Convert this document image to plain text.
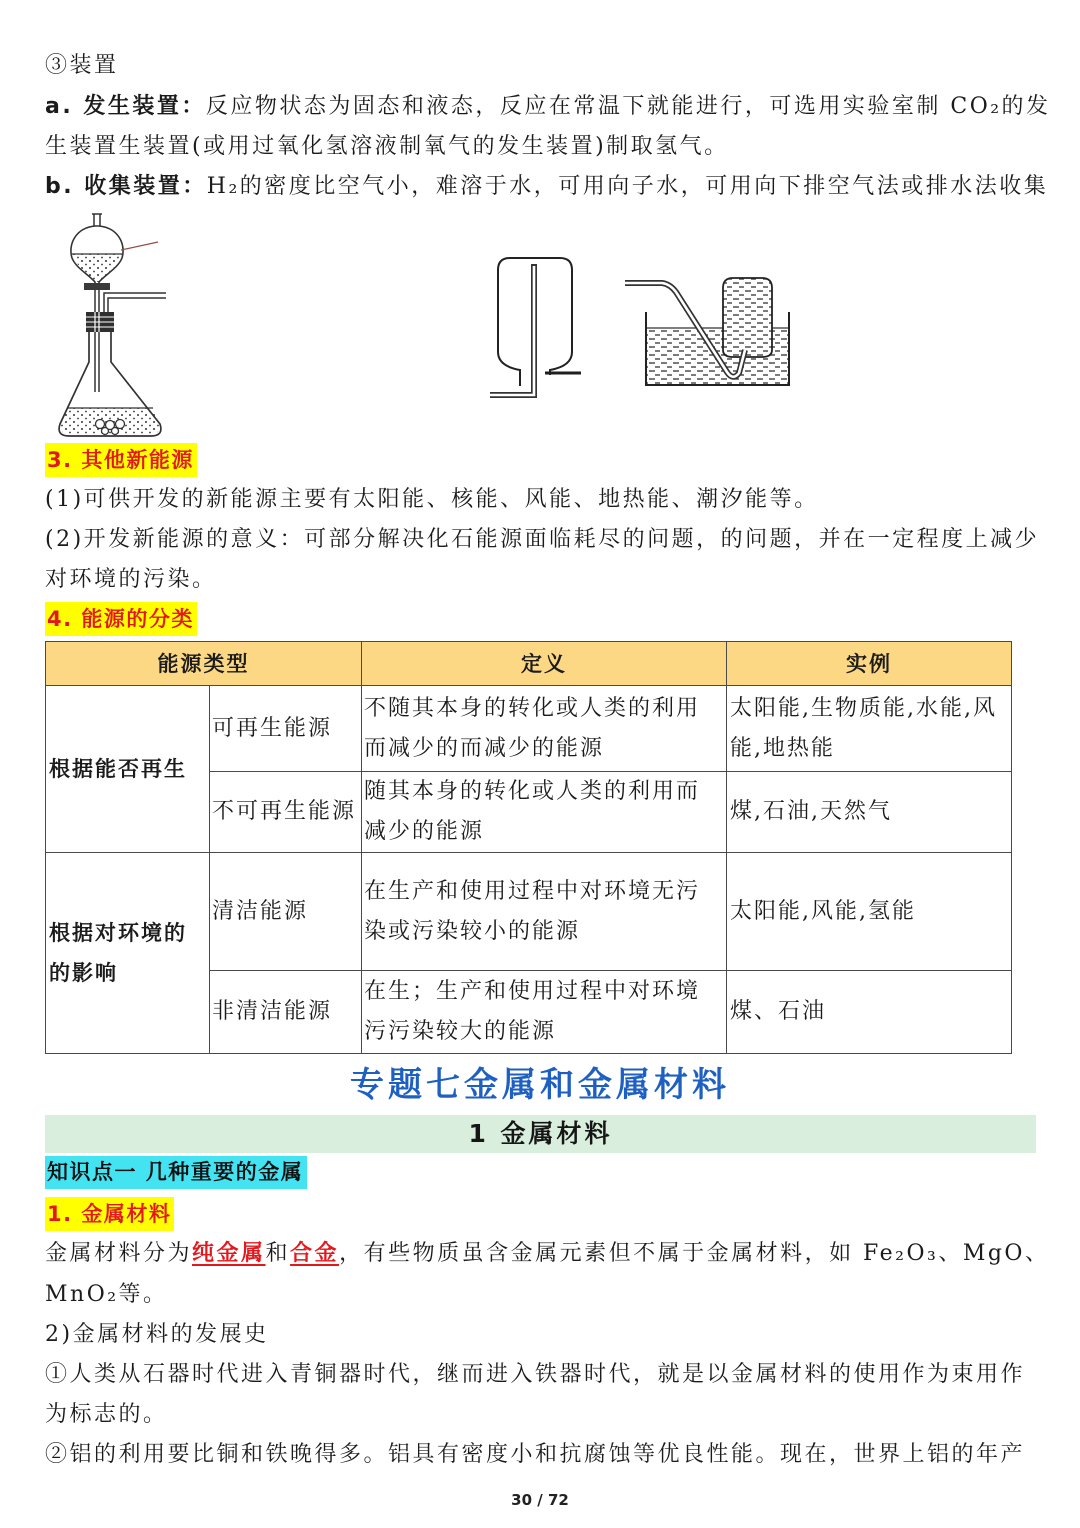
③装置
a. 发生装置：反应物状态为固态和液态，反应在常温下就能进行，可选用实验室制 CO₂的发
生装置生装置(或用过氧化氢溶液制氧气的发生装置)制取氢气。
b. 收集装置：H₂的密度比空气小，难溶于水，可用向子水，可用向下排空气法或排水法收集
3. 其他新能源
(1)可供开发的新能源主要有太阳能、核能、风能、地热能、潮汐能等。
(2)开发新能源的意义：可部分解决化石能源面临耗尽的问题，的问题，并在一定程度上减少
对环境的污染。
4. 能源的分类
能源类型		定义	实例
根据能否再生	可再生能源	不随其本身的转化或人类的利用而减少的而减少的能源	太阳能,生物质能,水能,风能,地热能
	不可再生能源	随其本身的转化或人类的利用而减少的能源	煤,石油,天然气
根据对环境的的影响	清洁能源	在生产和使用过程中对环境无污染或污染较小的能源	太阳能,风能,氢能
	非清洁能源	在生；生产和使用过程中对环境污污染较大的能源	煤、石油
专题七金属和金属材料
1 金属材料
知识点一 几种重要的金属
1. 金属材料
金属材料分为纯金属和合金，有些物质虽含金属元素但不属于金属材料，如 Fe₂O₃、MgO、
MnO₂等。
2)金属材料的发展史
①人类从石器时代进入青铜器时代，继而进入铁器时代，就是以金属材料的使用作为束用作
为标志的。
②铝的利用要比铜和铁晚得多。铝具有密度小和抗腐蚀等优良性能。现在，世界上铝的年产
30 / 72
